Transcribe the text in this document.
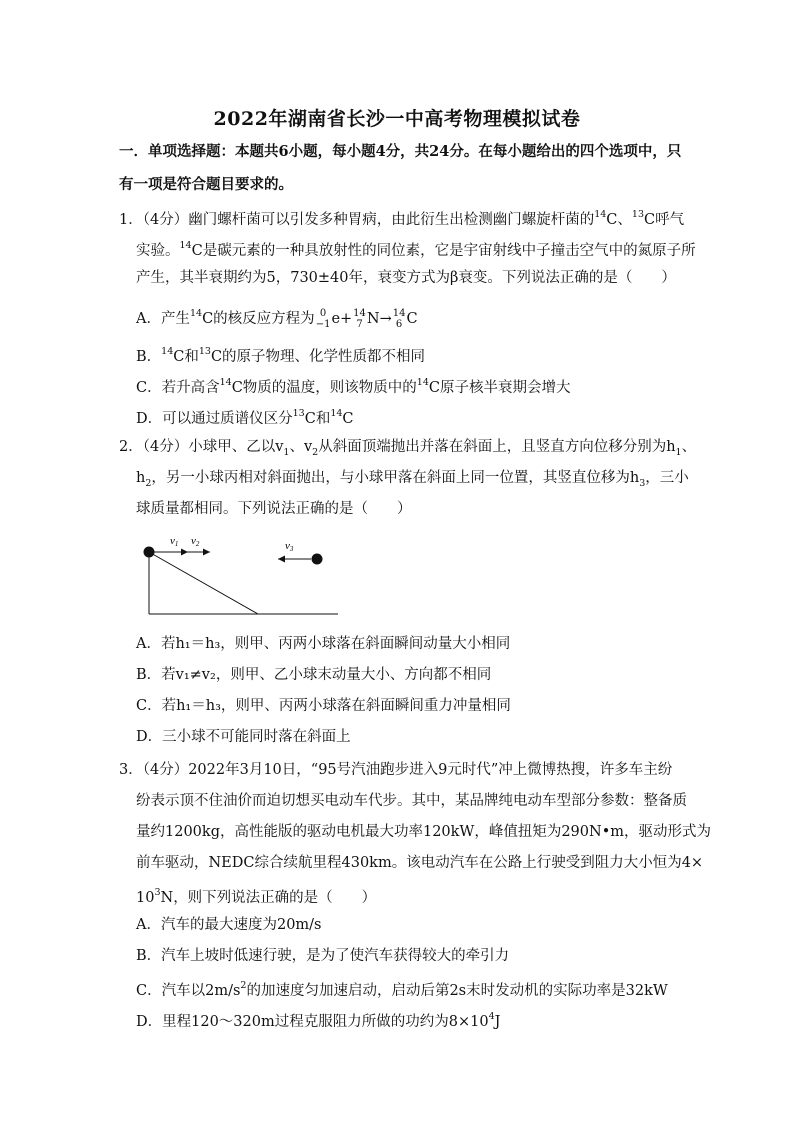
2022年湖南省长沙一中高考物理模拟试卷
一．单项选择题：本题共6小题，每小题4分，共24分。在每小题给出的四个选项中，只
有一项是符合题目要求的。
1．（4分）幽门螺杆菌可以引发多种胃病，由此衍生出检测幽门螺旋杆菌的$^{14}$C、$^{13}$C呼气
实验。$^{14}$C是碳元素的一种具放射性的同位素，它是宇宙射线中子撞击空气中的氮原子所
产生，其半衰期约为5，730±40年，衰变方式为β衰变。下列说法正确的是（　　）
A．产生$^{14}$C的核反应方程为 0
−1 e+ 14
7 N→ 14
6 C
B．$^{14}$C和$^{13}$C的原子物理、化学性质都不相同
C．若升高含$^{14}$C物质的温度，则该物质中的$^{14}$C原子核半衰期会增大
D．可以通过质谱仪区分$^{13}$C和$^{14}$C
2．（4分）小球甲、乙以$v_1$、$v_2$从斜面顶端抛出并落在斜面上，且竖直方向位移分别为$h_1$、
$h_2$，另一小球丙相对斜面抛出，与小球甲落在斜面上同一位置，其竖直位移为$h_3$，三小
球质量都相同。下列说法正确的是（　　）
v1 v2	v3
A．若h₁＝h₃，则甲、丙两小球落在斜面瞬间动量大小相同
B．若v₁≠v₂，则甲、乙小球末动量大小、方向都不相同
C．若h₁＝h₃，则甲、丙两小球落在斜面瞬间重力冲量相同
D．三小球不可能同时落在斜面上
3．（4分）2022年3月10日，“95号汽油跑步进入9元时代”冲上微博热搜，许多车主纷
纷表示顶不住油价而迫切想买电动车代步。其中，某品牌纯电动车型部分参数：整备质
量约1200kg，高性能版的驱动电机最大功率120kW，峰值扭矩为290N•m，驱动形式为
前车驱动，NEDC综合续航里程430km。该电动汽车在公路上行驶受到阻力大小恒为4×
$10^3N$，则下列说法正确的是（　　）
A．汽车的最大速度为20m/s
B．汽车上坡时低速行驶，是为了使汽车获得较大的牵引力
C．汽车以$2m/s^2$的加速度匀加速启动，启动后第2s末时发动机的实际功率是32kW
D．里程120～320m过程克服阻力所做的功约为$8\times 10^4J$
